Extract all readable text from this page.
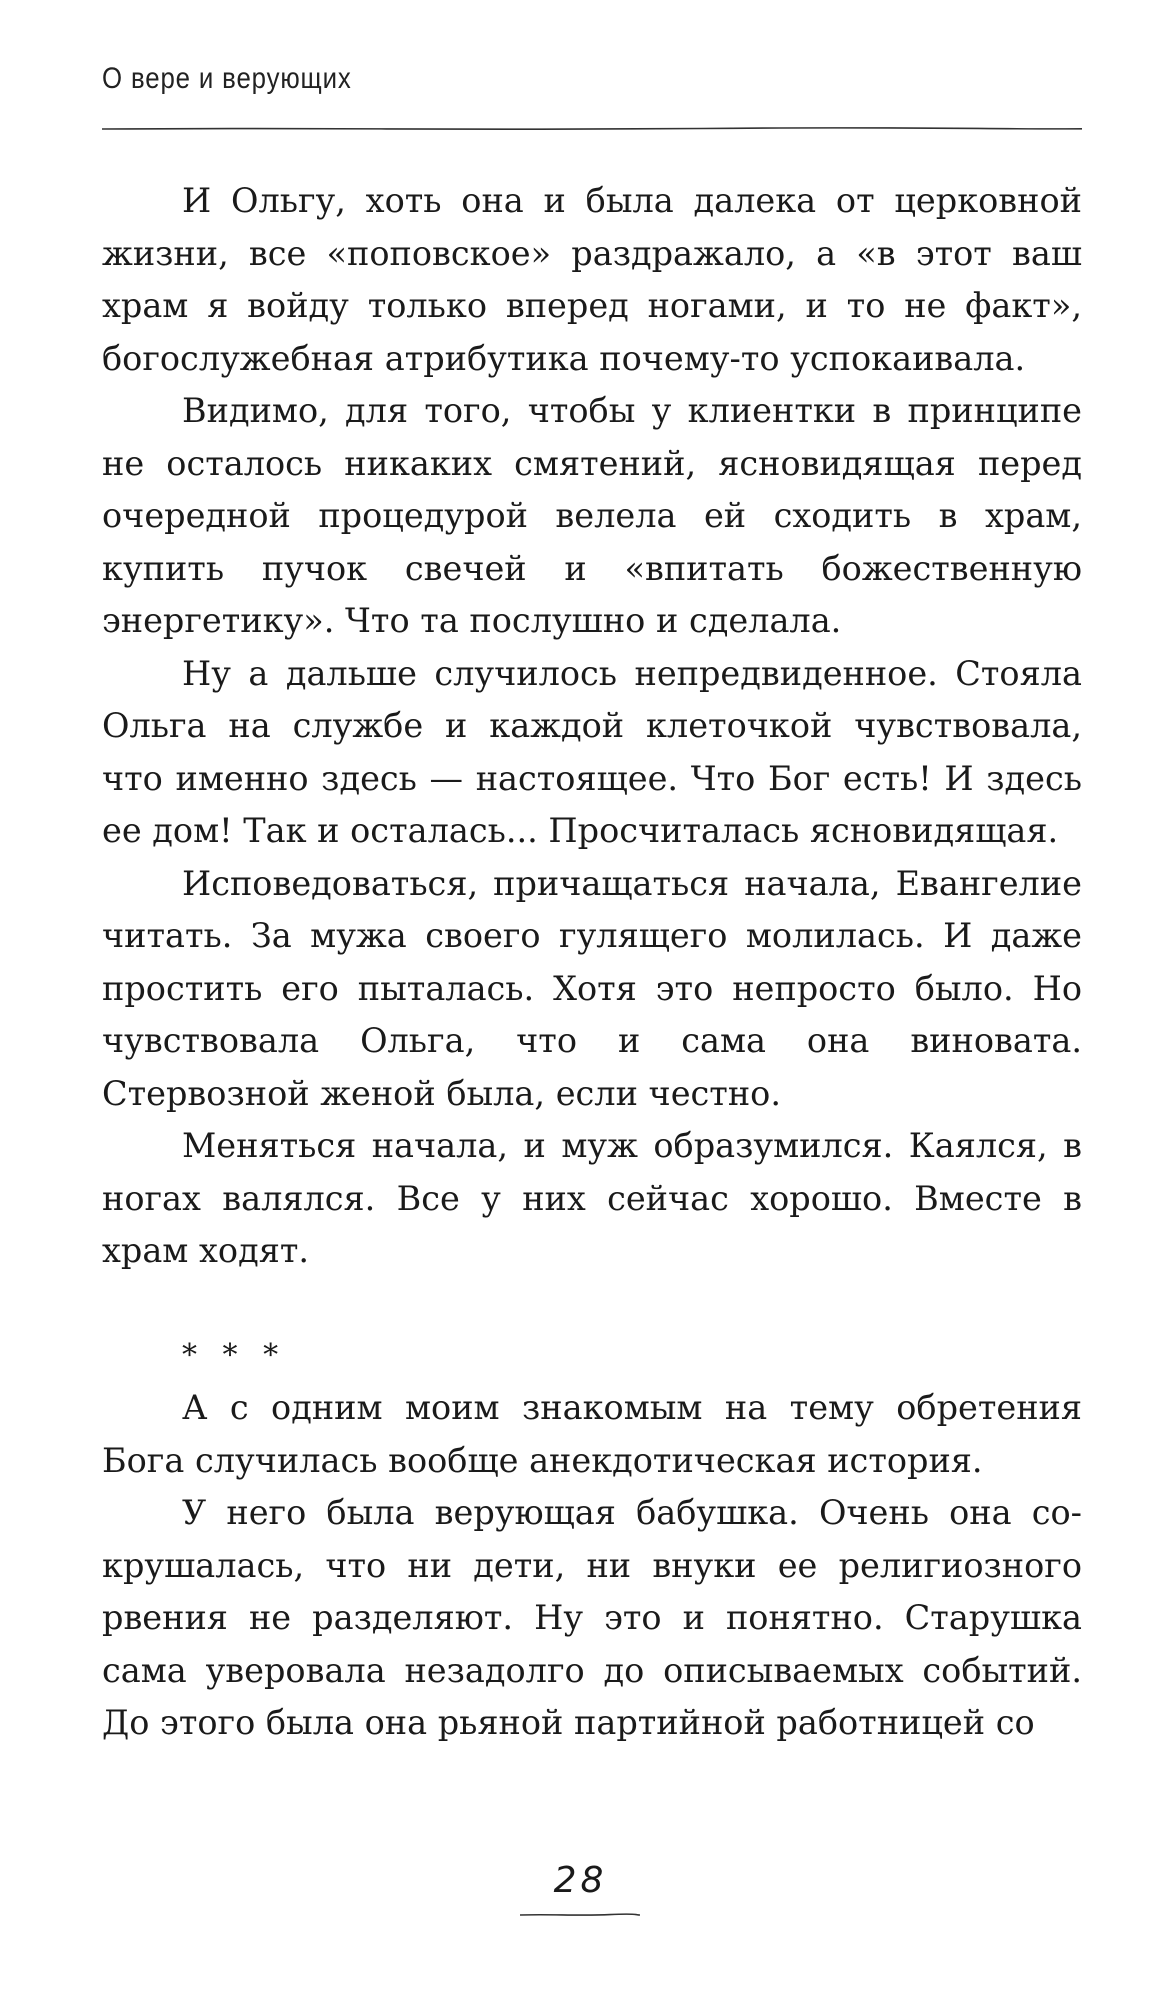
О вере и верующих

И Ольгу, хоть она и была далека от церковной жизни, все «поповское» раздражало, а «в этот ваш храм я войду только вперед ногами, и то не факт», богослужебная атрибутика почему-то успокаивала.

Видимо, для того, чтобы у клиентки в принципе не осталось никаких смятений, ясновидящая перед очередной процедурой велела ей сходить в храм, купить пучок свечей и «впитать божественную энергетику». Что та послушно и сделала.

Ну а дальше случилось непредвиденное. Стояла Ольга на службе и каждой клеточкой чувствовала, что именно здесь — настоящее. Что Бог есть! И здесь ее дом! Так и осталась... Просчиталась ясновидящая.

Исповедоваться, причащаться начала, Евангелие читать. За мужа своего гулящего молилась. И даже простить его пыталась. Хотя это непросто было. Но чувствовала Ольга, что и сама она виновата. Стервозной женой была, если честно.

Меняться начала, и муж образумился. Каялся, в ногах валялся. Все у них сейчас хорошо. Вместе в храм ходят.

* * *

А с одним моим знакомым на тему обретения Бога случилась вообще анекдотическая история.

У него была верующая бабушка. Очень она сокрушалась, что ни дети, ни внуки ее религиозного рвения не разделяют. Ну это и понятно. Старушка сама уверовала незадолго до описываемых событий. До этого была она рьяной партийной работницей со

28
